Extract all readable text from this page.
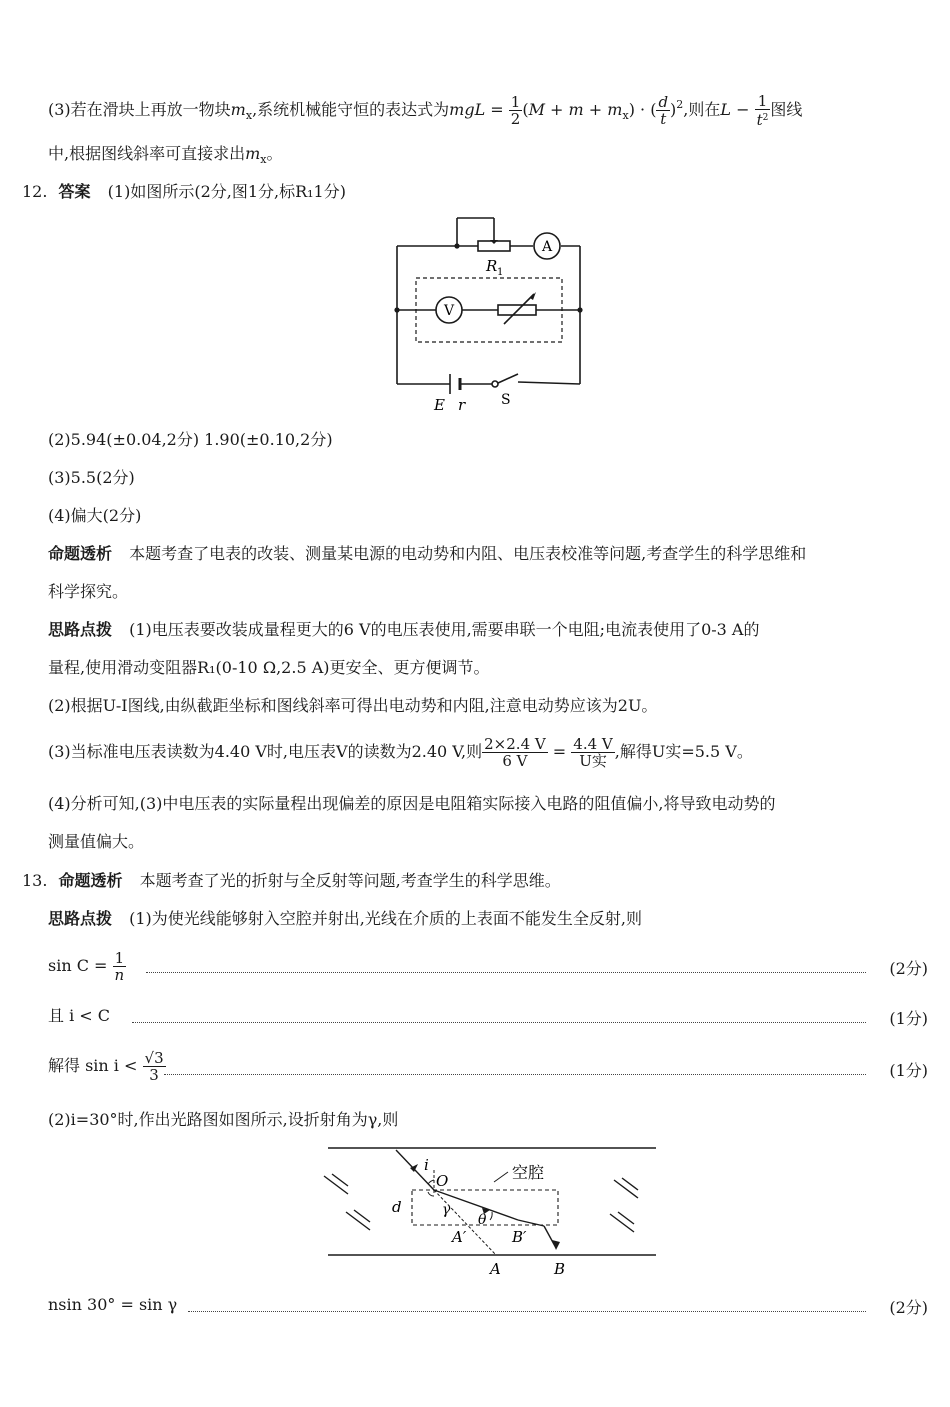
(3)若在滑块上再放一物块$m_x$,系统机械能守恒的表达式为mgL = $\frac{1}{2} (M + m + m_x)$ · ( $\frac{d}{t} )^2$,则在$L - \frac{1}{t^2}$ 图线
中,根据图线斜率可直接求出$m_x$。
12. 答案 (1)如图所示(2分,图1分,标R₁1分)
A
V
R 1
E r	S
(2)5.94(±0.04,2分) 1.90(±0.10,2分)
(3)5.5(2分)
(4)偏大(2分)
命题透析 本题考查了电表的改装、测量某电源的电动势和内阻、电压表校准等问题,考查学生的科学思维和
科学探究。
思路点拨 (1)电压表要改装成量程更大的6 V的电压表使用,需要串联一个电阻;电流表使用了0-3 A的
量程,使用滑动变阻器R₁(0-10 Ω,2.5 A)更安全、更方便调节。
(2)根据U-I图线,由纵截距坐标和图线斜率可得出电动势和内阻,注意电动势应该为2U。
(3)当标准电压表读数为4.40 V时,电压表V的读数为2.40 V,则 $\frac{2\times 2.4 V}{6 V} = \frac{4.4 V}{\text{U实}}$ ,解得U实=5.5 V。
(4)分析可知,(3)中电压表的实际量程出现偏差的原因是电阻箱实际接入电路的阻值偏小,将导致电动势的
测量值偏大。
13. 命题透析 本题考查了光的折射与全反射等问题,考查学生的科学思维。
思路点拨 (1)为使光线能够射入空腔并射出,光线在介质的上表面不能发生全反射,则
$\sin C = \frac{1}{n}$	(2分)
且 i < C	(1分)
解得 $\sin i < \frac{√3}{3}$	(1分)
(2)i=30°时,作出光路图如图所示,设折射角为γ,则
空腔
i
O
d	γ
θ
A′	B′
A	B
nsin 30° = sin γ	(2分)
